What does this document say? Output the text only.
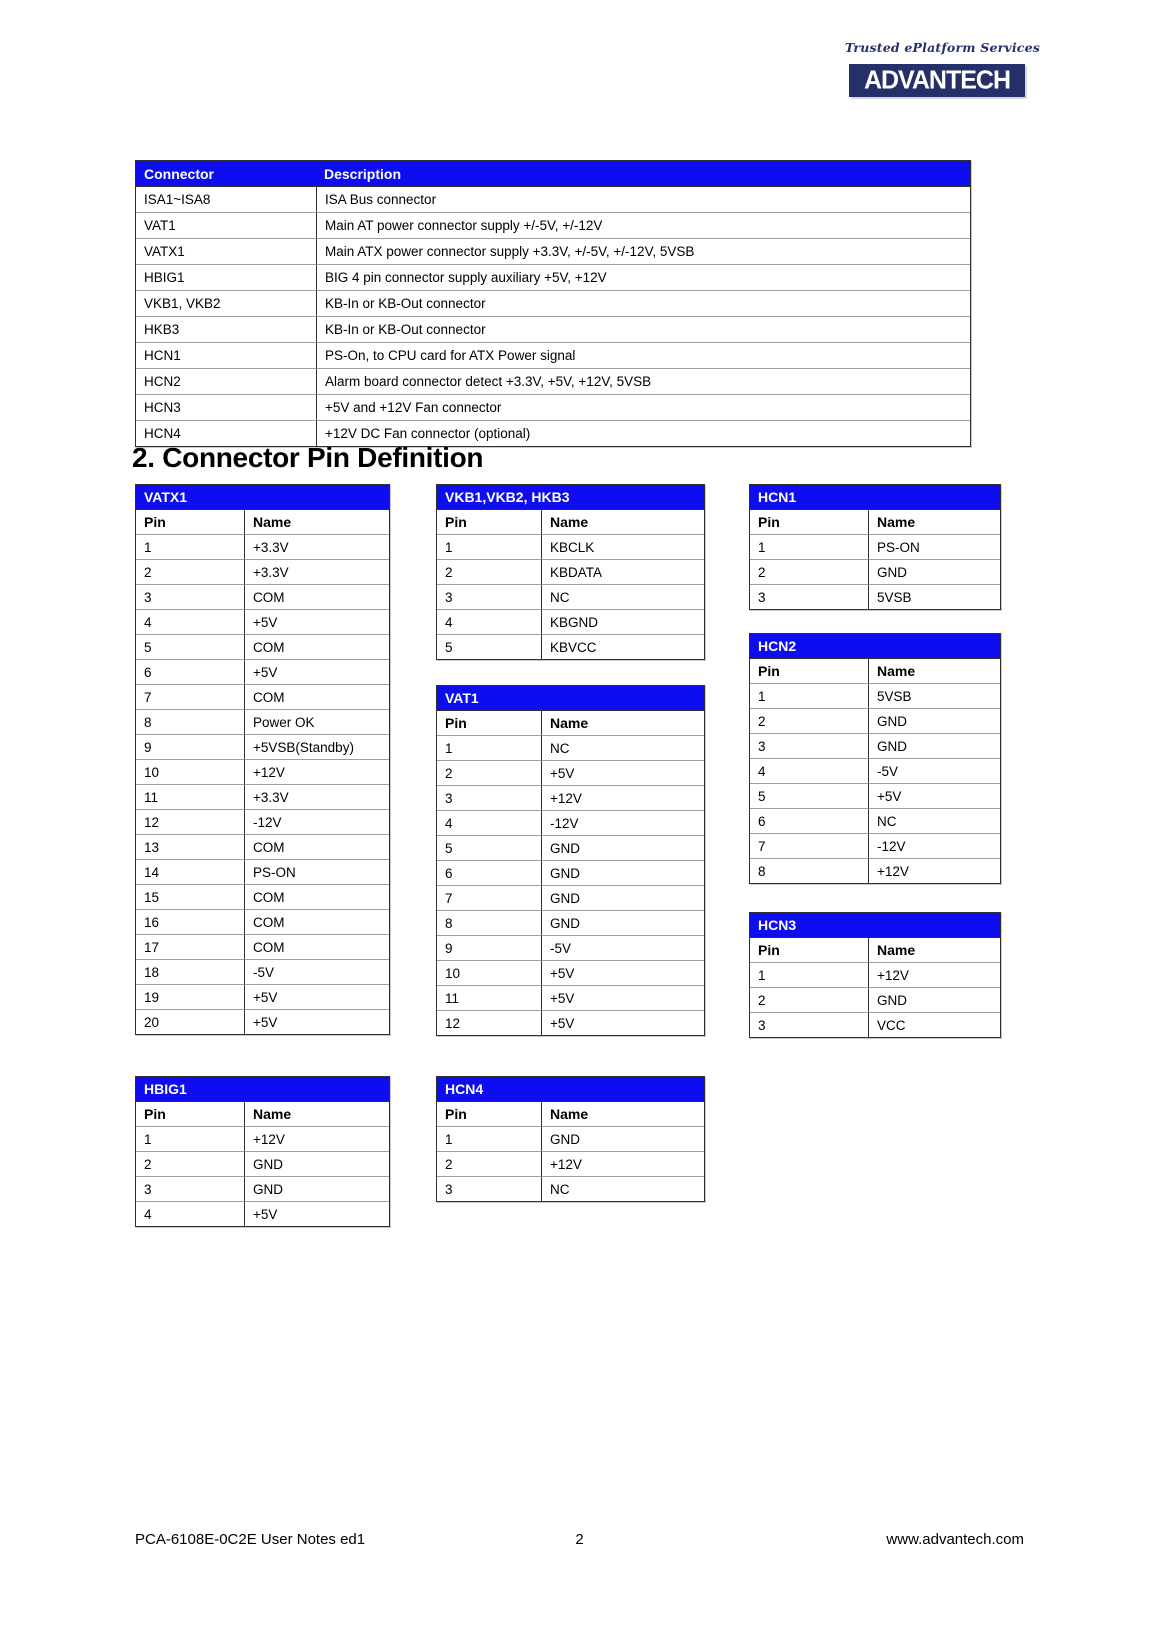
Trusted ePlatform Services
ADVANTECH
Connector	Description
ISA1~ISA8	ISA Bus connector
VAT1	Main AT power connector supply +/-5V, +/-12V
VATX1	Main ATX power connector supply +3.3V, +/-5V, +/-12V, 5VSB
HBIG1	BIG 4 pin connector supply auxiliary +5V, +12V
VKB1, VKB2	KB-In or KB-Out connector
HKB3	KB-In or KB-Out connector
HCN1	PS-On, to CPU card for ATX Power signal
HCN2	Alarm board connector detect +3.3V, +5V, +12V, 5VSB
HCN3	+5V and +12V Fan connector
HCN4	+12V DC Fan connector (optional)
2. Connector Pin Definition
VATX1	
Pin	Name
1	+3.3V
2	+3.3V
3	COM
4	+5V
5	COM
6	+5V
7	COM
8	Power OK
9	+5VSB(Standby)
10	+12V
11	+3.3V
12	-12V
13	COM
14	PS-ON
15	COM
16	COM
17	COM
18	-5V
19	+5V
20	+5V
VKB1,VKB2, HKB3	
Pin	Name
1	KBCLK
2	KBDATA
3	NC
4	KBGND
5	KBVCC
HCN1	
Pin	Name
1	PS-ON
2	GND
3	5VSB
HCN2	
Pin	Name
1	5VSB
2	GND
3	GND
4	-5V
5	+5V
6	NC
7	-12V
8	+12V
VAT1	
Pin	Name
1	NC
2	+5V
3	+12V
4	-12V
5	GND
6	GND
7	GND
8	GND
9	-5V
10	+5V
11	+5V
12	+5V
HCN3	
Pin	Name
1	+12V
2	GND
3	VCC
HBIG1	
Pin	Name
1	+12V
2	GND
3	GND
4	+5V
HCN4	
Pin	Name
1	GND
2	+12V
3	NC
PCA-6108E-0C2E User Notes ed1	2	www.advantech.com
